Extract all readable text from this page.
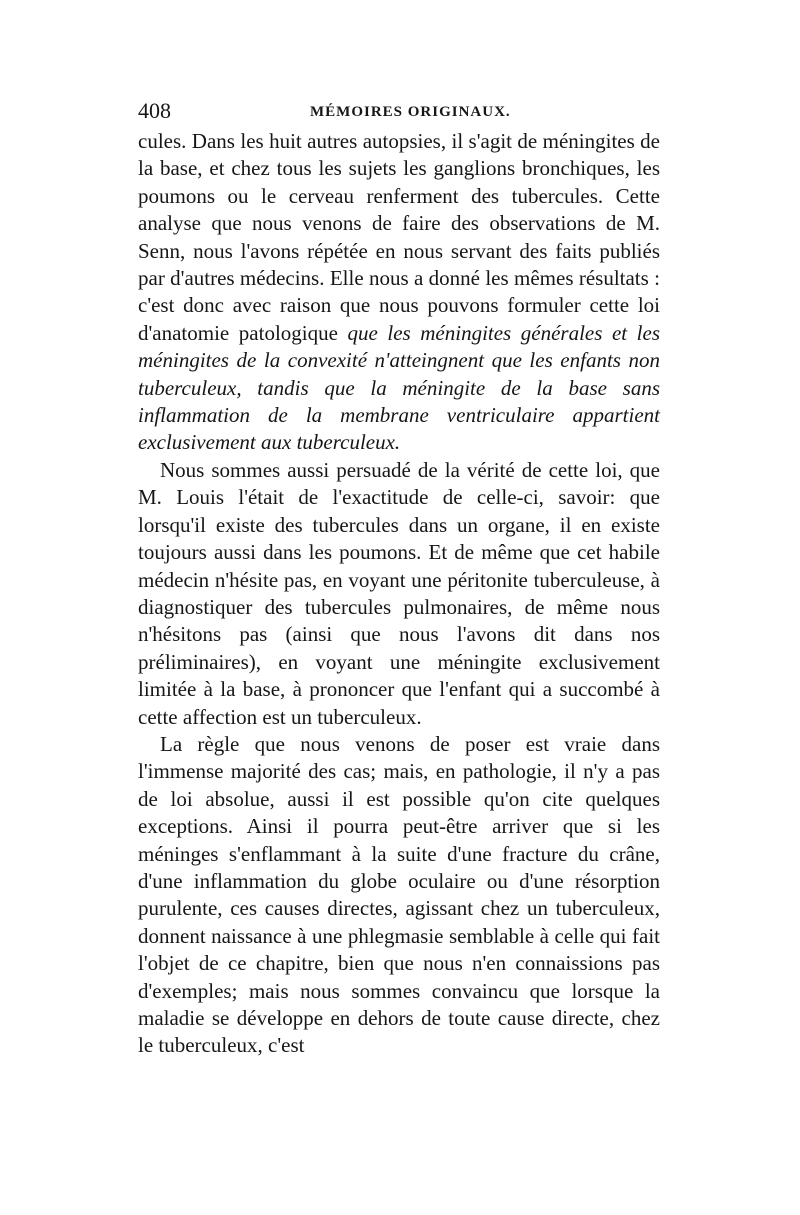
408	MÉMOIRES ORIGINAUX.

cules. Dans les huit autres autopsies, il s'agit de méningites de la base, et chez tous les sujets les ganglions bronchiques, les poumons ou le cerveau renferment des tubercules. Cette analyse que nous venons de faire des observations de M. Senn, nous l'avons répétée en nous servant des faits publiés par d'autres médecins. Elle nous a donné les mêmes résultats : c'est donc avec raison que nous pouvons formuler cette loi d'anatomie patologique que les méningites générales et les méningites de la convexité n'atteingnent que les enfants non tuberculeux, tandis que la méningite de la base sans inflammation de la membrane ventriculaire appartient exclusivement aux tuberculeux.

Nous sommes aussi persuadé de la vérité de cette loi, que M. Louis l'était de l'exactitude de celle-ci, savoir: que lorsqu'il existe des tubercules dans un organe, il en existe toujours aussi dans les poumons. Et de même que cet habile médecin n'hésite pas, en voyant une péritonite tuberculeuse, à diagnostiquer des tubercules pulmonaires, de même nous n'hésitons pas (ainsi que nous l'avons dit dans nos préliminaires), en voyant une méningite exclusivement limitée à la base, à prononcer que l'enfant qui a succombé à cette affection est un tuberculeux.

La règle que nous venons de poser est vraie dans l'immense majorité des cas; mais, en pathologie, il n'y a pas de loi absolue, aussi il est possible qu'on cite quelques exceptions. Ainsi il pourra peut-être arriver que si les méninges s'enflammant à la suite d'une fracture du crâne, d'une inflammation du globe oculaire ou d'une résorption purulente, ces causes directes, agissant chez un tuberculeux, donnent naissance à une phlegmasie semblable à celle qui fait l'objet de ce chapitre, bien que nous n'en connaissions pas d'exemples; mais nous sommes convaincu que lorsque la maladie se développe en dehors de toute cause directe, chez le tuberculeux, c'est
